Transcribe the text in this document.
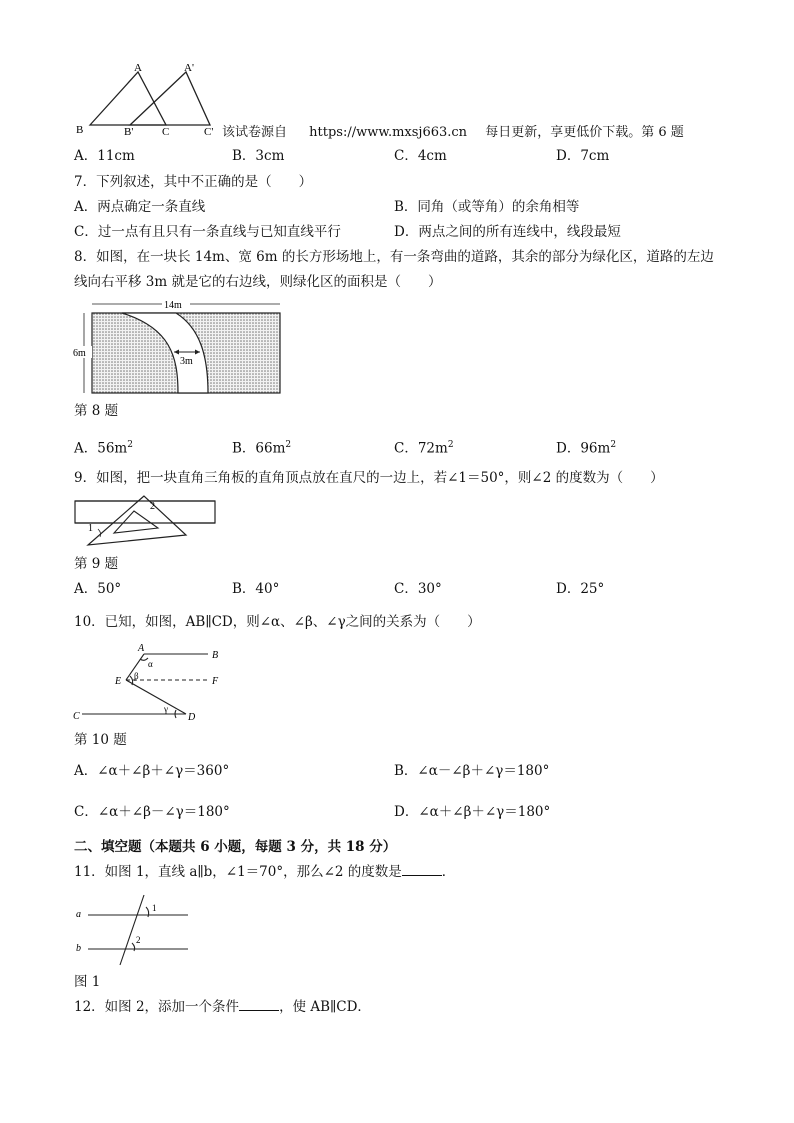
A	A'
B	B'	C	C' 该试卷源自 https://www.mxsj663.cn 每日更新，享更低价下载。第 6 题
A．11cm	B．3cm	C．4cm	D．7cm
7．下列叙述，其中不正确的是（　　）
A．两点确定一条直线	B．同角（或等角）的余角相等
C．过一点有且只有一条直线与已知直线平行	D．两点之间的所有连线中，线段最短
8．如图，在一块长 14m、宽 6m 的长方形场地上，有一条弯曲的道路，其余的部分为绿化区，道路的左边
线向右平移 3m 就是它的右边线，则绿化区的面积是（　　）
14m
6m
3m
第 8 题
A．$56m^2$	B．$66m^2$	C．$72m^2$	D．$96m^2$
9．如图，把一块直角三角板的直角顶点放在直尺的一边上，若∠1＝50°，则∠2 的度数为（　　）
2
1
第 9 题
A．50°	B．40°	C．30°	D．25°
10．已知，如图，AB∥CD，则∠α、∠β、∠γ之间的关系为（　　）
A
B
E	F
C	D
α
β
γ
第 10 题
A．∠α＋∠β＋∠γ＝360°	B．∠α－∠β＋∠γ＝180°
C．∠α＋∠β－∠γ＝180°	D．∠α＋∠β＋∠γ＝180°
二、填空题（本题共 6 小题，每题 3 分，共 18 分）
11．如图 1，直线 a∥b，∠1＝70°，那么∠2 的度数是	．
a
b
1
2
图 1
12．如图 2，添加一个条件	，使 AB∥CD．
